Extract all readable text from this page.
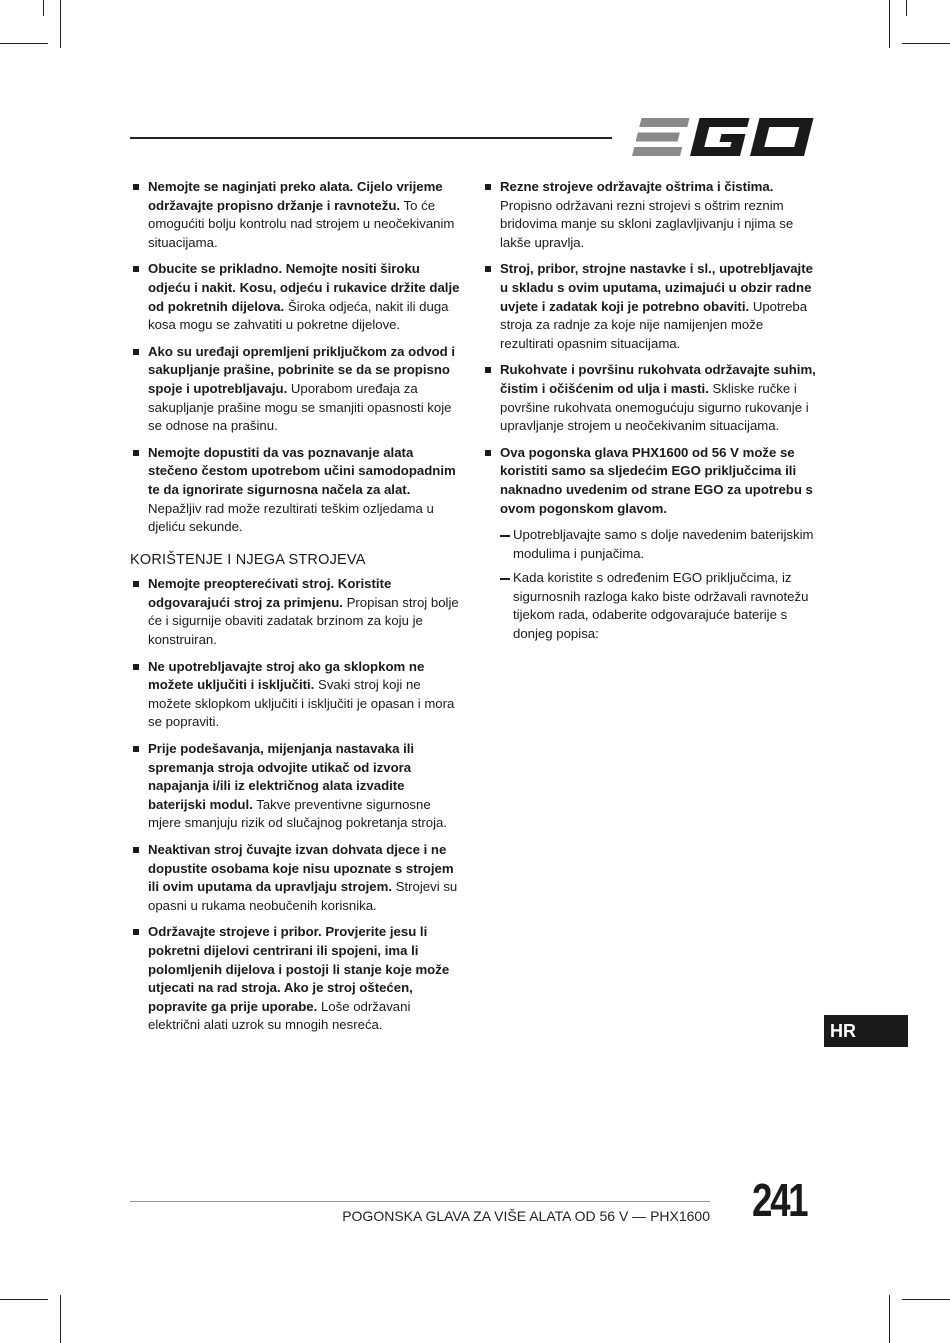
EGO
Nemojte se naginjati preko alata. Cijelo vrijeme održavajte propisno držanje i ravnotežu. To će omogućiti bolju kontrolu nad strojem u neočekivanim situacijama.
Obucite se prikladno. Nemojte nositi široku odjeću i nakit. Kosu, odjeću i rukavice držite dalje od pokretnih dijelova. Široka odjeća, nakit ili duga kosa mogu se zahvatiti u pokretne dijelove.
Ako su uređaji opremljeni priključkom za odvod i sakupljanje prašine, pobrinite se da se propisno spoje i upotrebljavaju. Uporabom uređaja za sakupljanje prašine mogu se smanjiti opasnosti koje se odnose na prašinu.
Nemojte dopustiti da vas poznavanje alata stečeno čestom upotrebom učini samodopadnim te da ignorirate sigurnosna načela za alat. Nepažljiv rad može rezultirati teškim ozljedama u djeliću sekunde.
KORIŠTENJE I NJEGA STROJEVA
Nemojte preopterećivati stroj. Koristite odgovarajući stroj za primjenu. Propisan stroj bolje će i sigurnije obaviti zadatak brzinom za koju je konstruiran.
Ne upotrebljavajte stroj ako ga sklopkom ne možete uključiti i isključiti. Svaki stroj koji ne možete sklopkom uključiti i isključiti je opasan i mora se popraviti.
Prije podešavanja, mijenjanja nastavaka ili spremanja stroja odvojite utikač od izvora napajanja i/ili iz električnog alata izvadite baterijski modul. Takve preventivne sigurnosne mjere smanjuju rizik od slučajnog pokretanja stroja.
Neaktivan stroj čuvajte izvan dohvata djece i ne dopustite osobama koje nisu upoznate s strojem ili ovim uputama da upravljaju strojem. Strojevi su opasni u rukama neobučenih korisnika.
Održavajte strojeve i pribor. Provjerite jesu li pokretni dijelovi centrirani ili spojeni, ima li polomljenih dijelova i postoji li stanje koje može utjecati na rad stroja. Ako je stroj oštećen, popravite ga prije uporabe. Loše održavani električni alati uzrok su mnogih nesreća.
Rezne strojeve održavajte oštrima i čistima. Propisno održavani rezni strojevi s oštrim reznim bridovima manje su skloni zaglavljivanju i njima se lakše upravlja.
Stroj, pribor, strojne nastavke i sl., upotrebljavajte u skladu s ovim uputama, uzimajući u obzir radne uvjete i zadatak koji je potrebno obaviti. Upotreba stroja za radnje za koje nije namijenjen može rezultirati opasnim situacijama.
Rukohvate i površinu rukohvata održavajte suhim, čistim i očišćenim od ulja i masti. Skliske ručke i površine rukohvata onemogućuju sigurno rukovanje i upravljanje strojem u neočekivanim situacijama.
Ova pogonska glava PHX1600 od 56 V može se koristiti samo sa sljedećim EGO priključcima ili naknadno uvedenim od strane EGO za upotrebu s ovom pogonskom glavom.
Upotrebljavajte samo s dolje navedenim baterijskim modulima i punjačima.
Kada koristite s određenim EGO priključcima, iz sigurnosnih razloga kako biste održavali ravnotežu tijekom rada, odaberite odgovarajuće baterije s donjeg popisa:
HR
POGONSKA GLAVA ZA VIŠE ALATA OD 56 V — PHX1600 241
